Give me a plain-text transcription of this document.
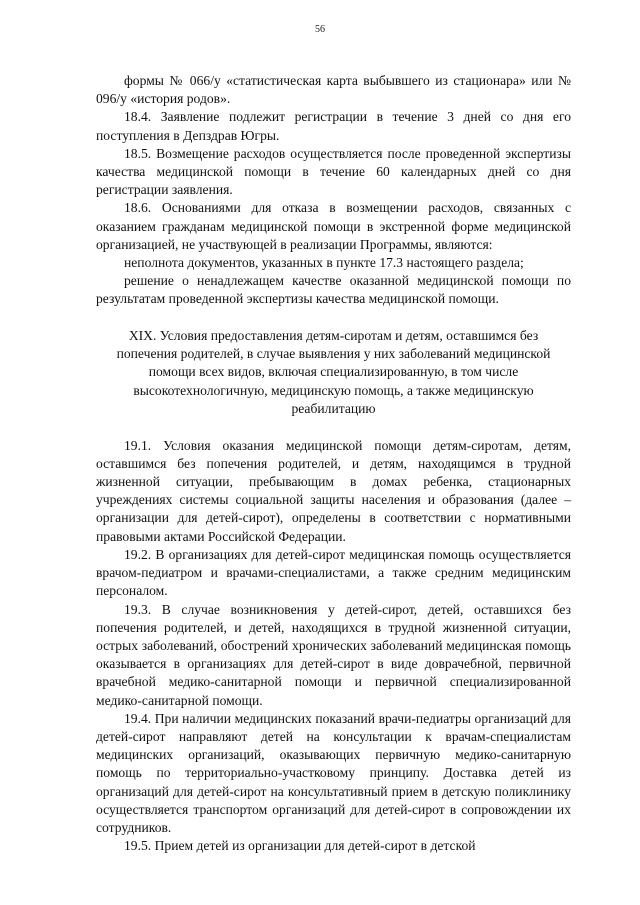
56

формы № 066/у «статистическая карта выбывшего из стационара» или № 096/у «история родов».

18.4. Заявление подлежит регистрации в течение 3 дней со дня его поступления в Депздрав Югры.

18.5. Возмещение расходов осуществляется после проведенной экспертизы качества медицинской помощи в течение 60 календарных дней со дня регистрации заявления.

18.6. Основаниями для отказа в возмещении расходов, связанных с оказанием гражданам медицинской помощи в экстренной форме медицинской организацией, не участвующей в реализации Программы, являются:

неполнота документов, указанных в пункте 17.3 настоящего раздела;

решение о ненадлежащем качестве оказанной медицинской помощи по результатам проведенной экспертизы качества медицинской помощи.

XIX. Условия предоставления детям-сиротам и детям, оставшимся без попечения родителей, в случае выявления у них заболеваний медицинской помощи всех видов, включая специализированную, в том числе высокотехнологичную, медицинскую помощь, а также медицинскую реабилитацию

19.1. Условия оказания медицинской помощи детям-сиротам, детям, оставшимся без попечения родителей, и детям, находящимся в трудной жизненной ситуации, пребывающим в домах ребенка, стационарных учреждениях системы социальной защиты населения и образования (далее – организации для детей-сирот), определены в соответствии с нормативными правовыми актами Российской Федерации.

19.2. В организациях для детей-сирот медицинская помощь осуществляется врачом-педиатром и врачами-специалистами, а также средним медицинским персоналом.

19.3. В случае возникновения у детей-сирот, детей, оставшихся без попечения родителей, и детей, находящихся в трудной жизненной ситуации, острых заболеваний, обострений хронических заболеваний медицинская помощь оказывается в организациях для детей-сирот в виде доврачебной, первичной врачебной медико-санитарной помощи и первичной специализированной медико-санитарной помощи.

19.4. При наличии медицинских показаний врачи-педиатры организаций для детей-сирот направляют детей на консультации к врачам-специалистам медицинских организаций, оказывающих первичную медико-санитарную помощь по территориально-участковому принципу. Доставка детей из организаций для детей-сирот на консультативный прием в детскую поликлинику осуществляется транспортом организаций для детей-сирот в сопровождении их сотрудников.

19.5. Прием детей из организации для детей-сирот в детской
